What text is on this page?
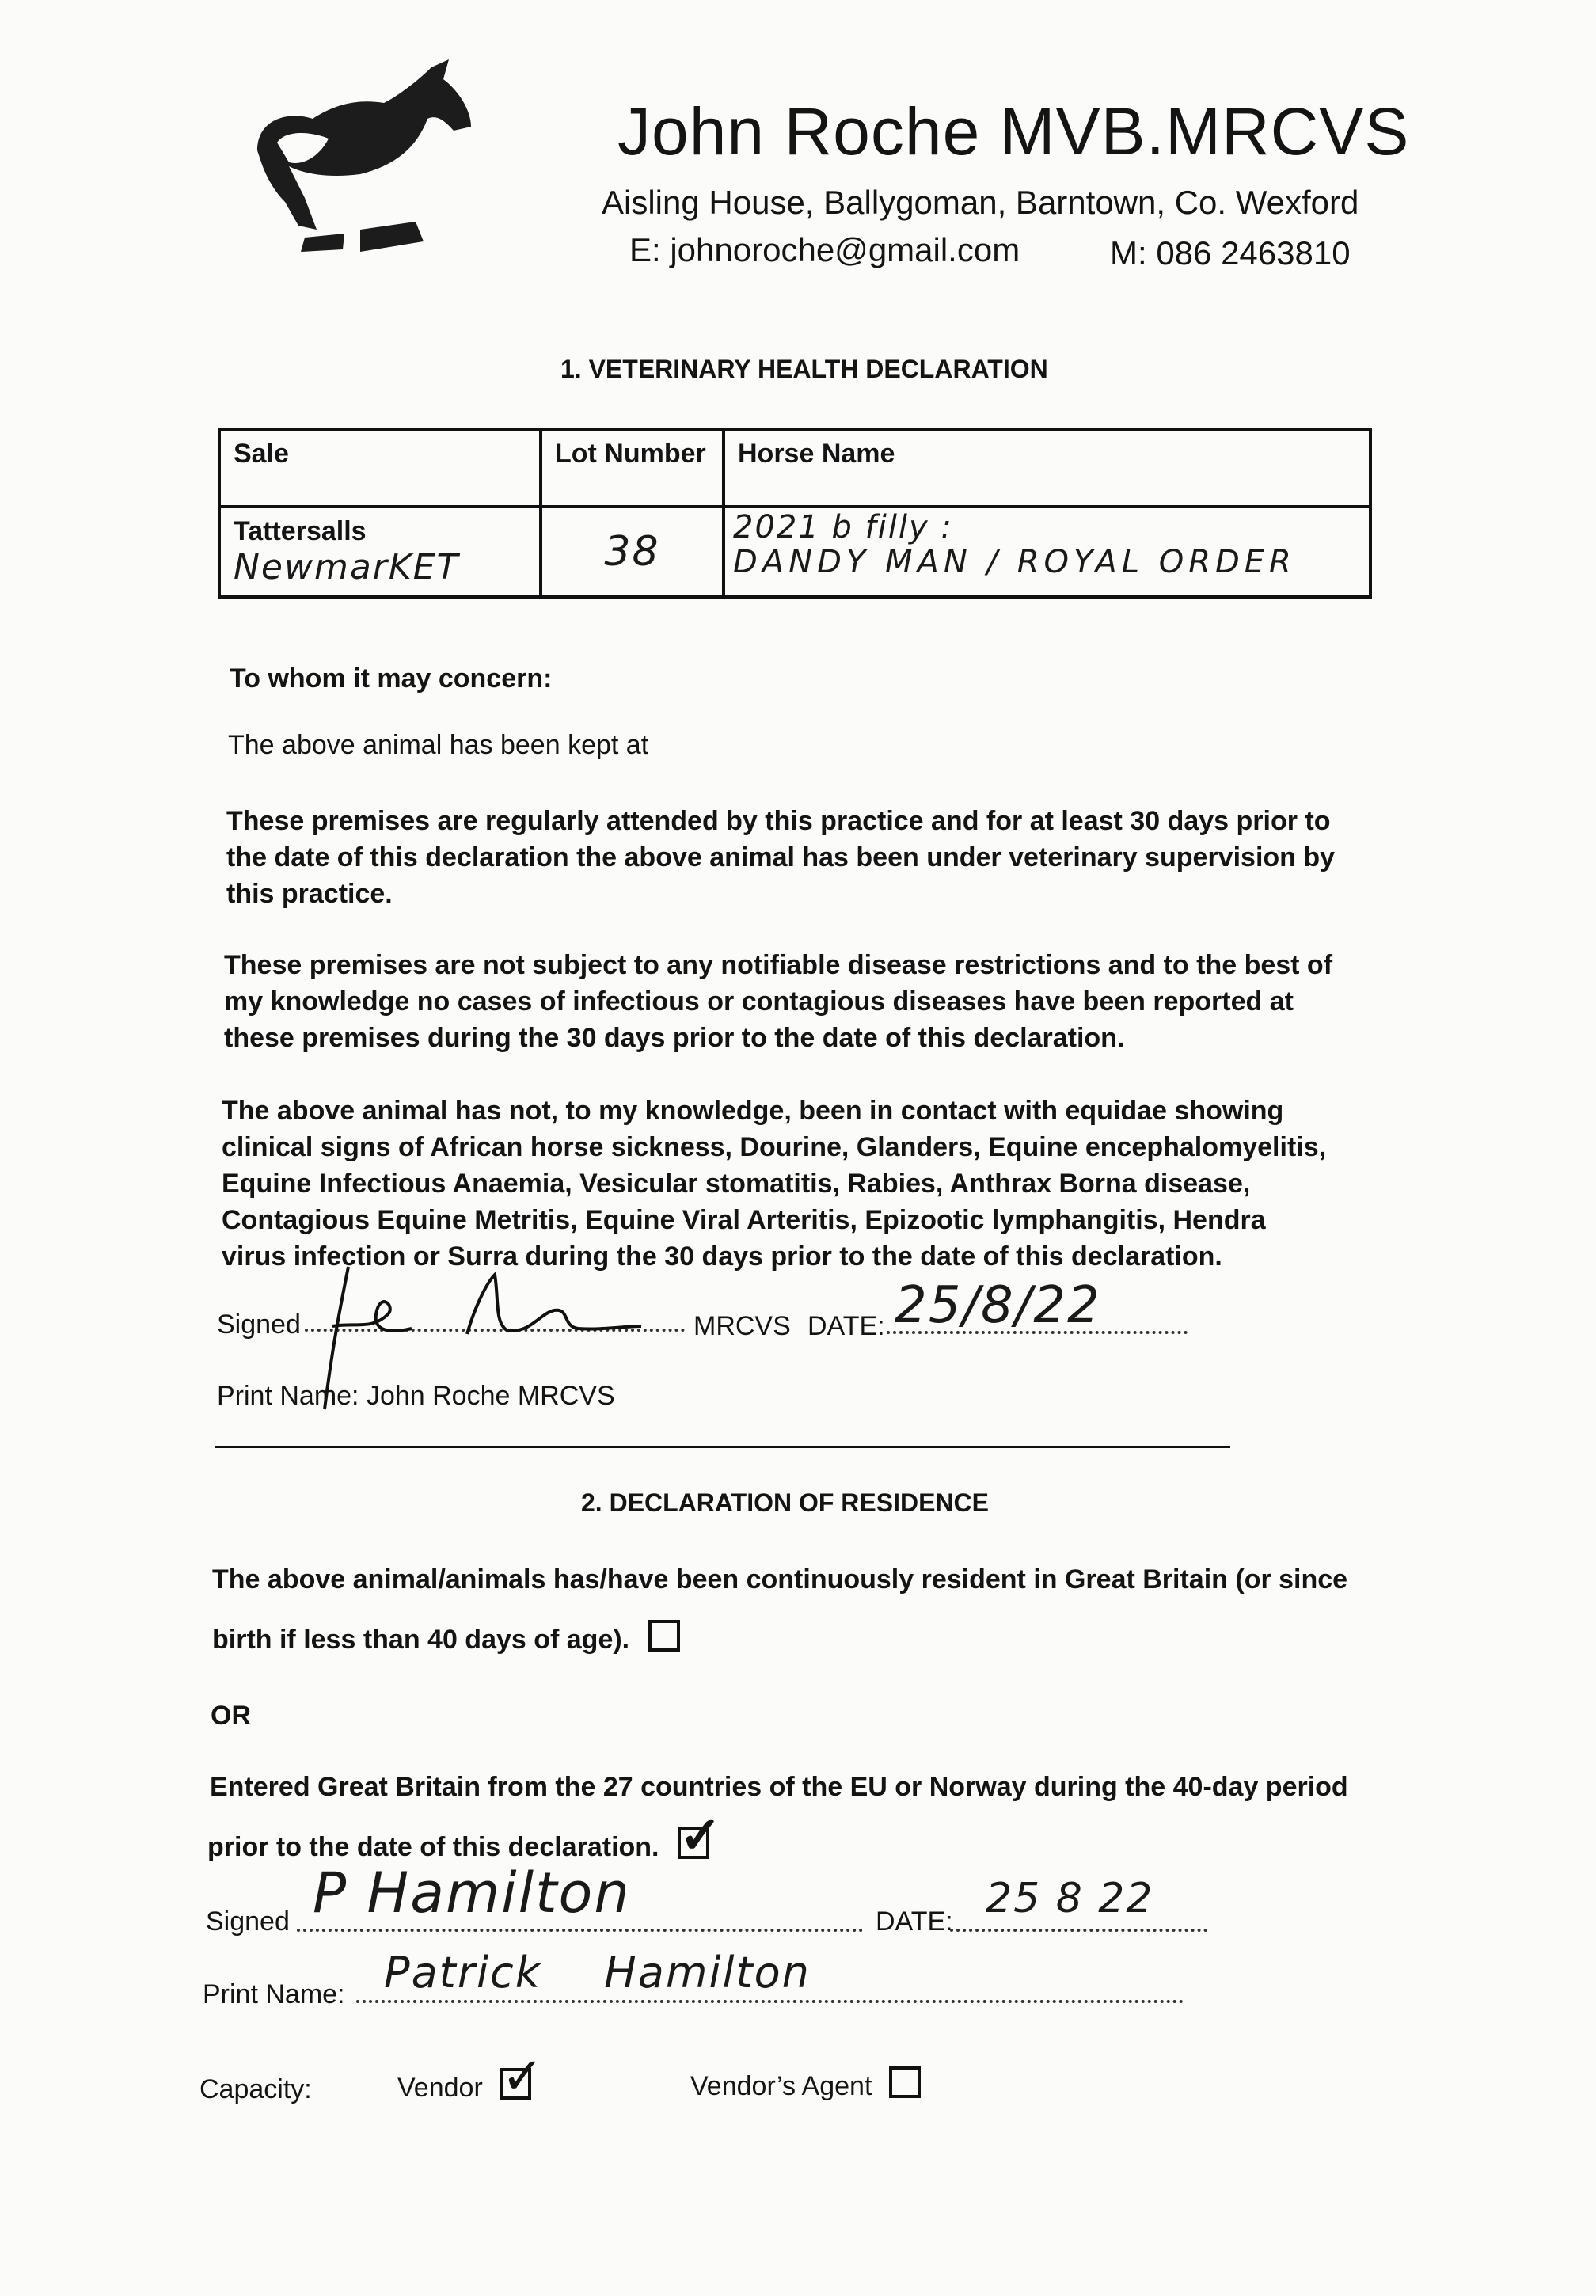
John Roche MVB.MRCVS
Aisling House, Ballygoman, Barntown, Co. Wexford
E: johnoroche@gmail.com	M: 086 2463810
1. VETERINARY HEALTH DECLARATION
Sale	Lot Number	Horse Name
Tattersalls NewmarKET	38	2021 b filly :
DANDY MAN / ROYAL ORDER
To whom it may concern:
The above animal has been kept at
These premises are regularly attended by this practice and for at least 30 days prior to the date of this declaration the above animal has been under veterinary supervision by this practice.
These premises are not subject to any notifiable disease restrictions and to the best of my knowledge no cases of infectious or contagious diseases have been reported at these premises during the 30 days prior to the date of this declaration.
The above animal has not, to my knowledge, been in contact with equidae showing clinical signs of African horse sickness, Dourine, Glanders, Equine encephalomyelitis, Equine Infectious Anaemia, Vesicular stomatitis, Rabies, Anthrax Borna disease, Contagious Equine Metritis, Equine Viral Arteritis, Epizootic lymphangitis, Hendra virus infection or Surra during the 30 days prior to the date of this declaration.
Signed	MRCVS DATE: 25/8/22
Print Name: John Roche MRCVS
2. DECLARATION OF RESIDENCE
The above animal/animals has/have been continuously resident in Great Britain (or since
birth if less than 40 days of age).
OR
Entered Great Britain from the 27 countries of the EU or Norway during the 40-day period
prior to the date of this declaration. ✓
Signed P Hamilton	DATE: 25 8 22
Print Name: Patrick Hamilton
Capacity:	Vendor ✓	Vendor’s Agent
